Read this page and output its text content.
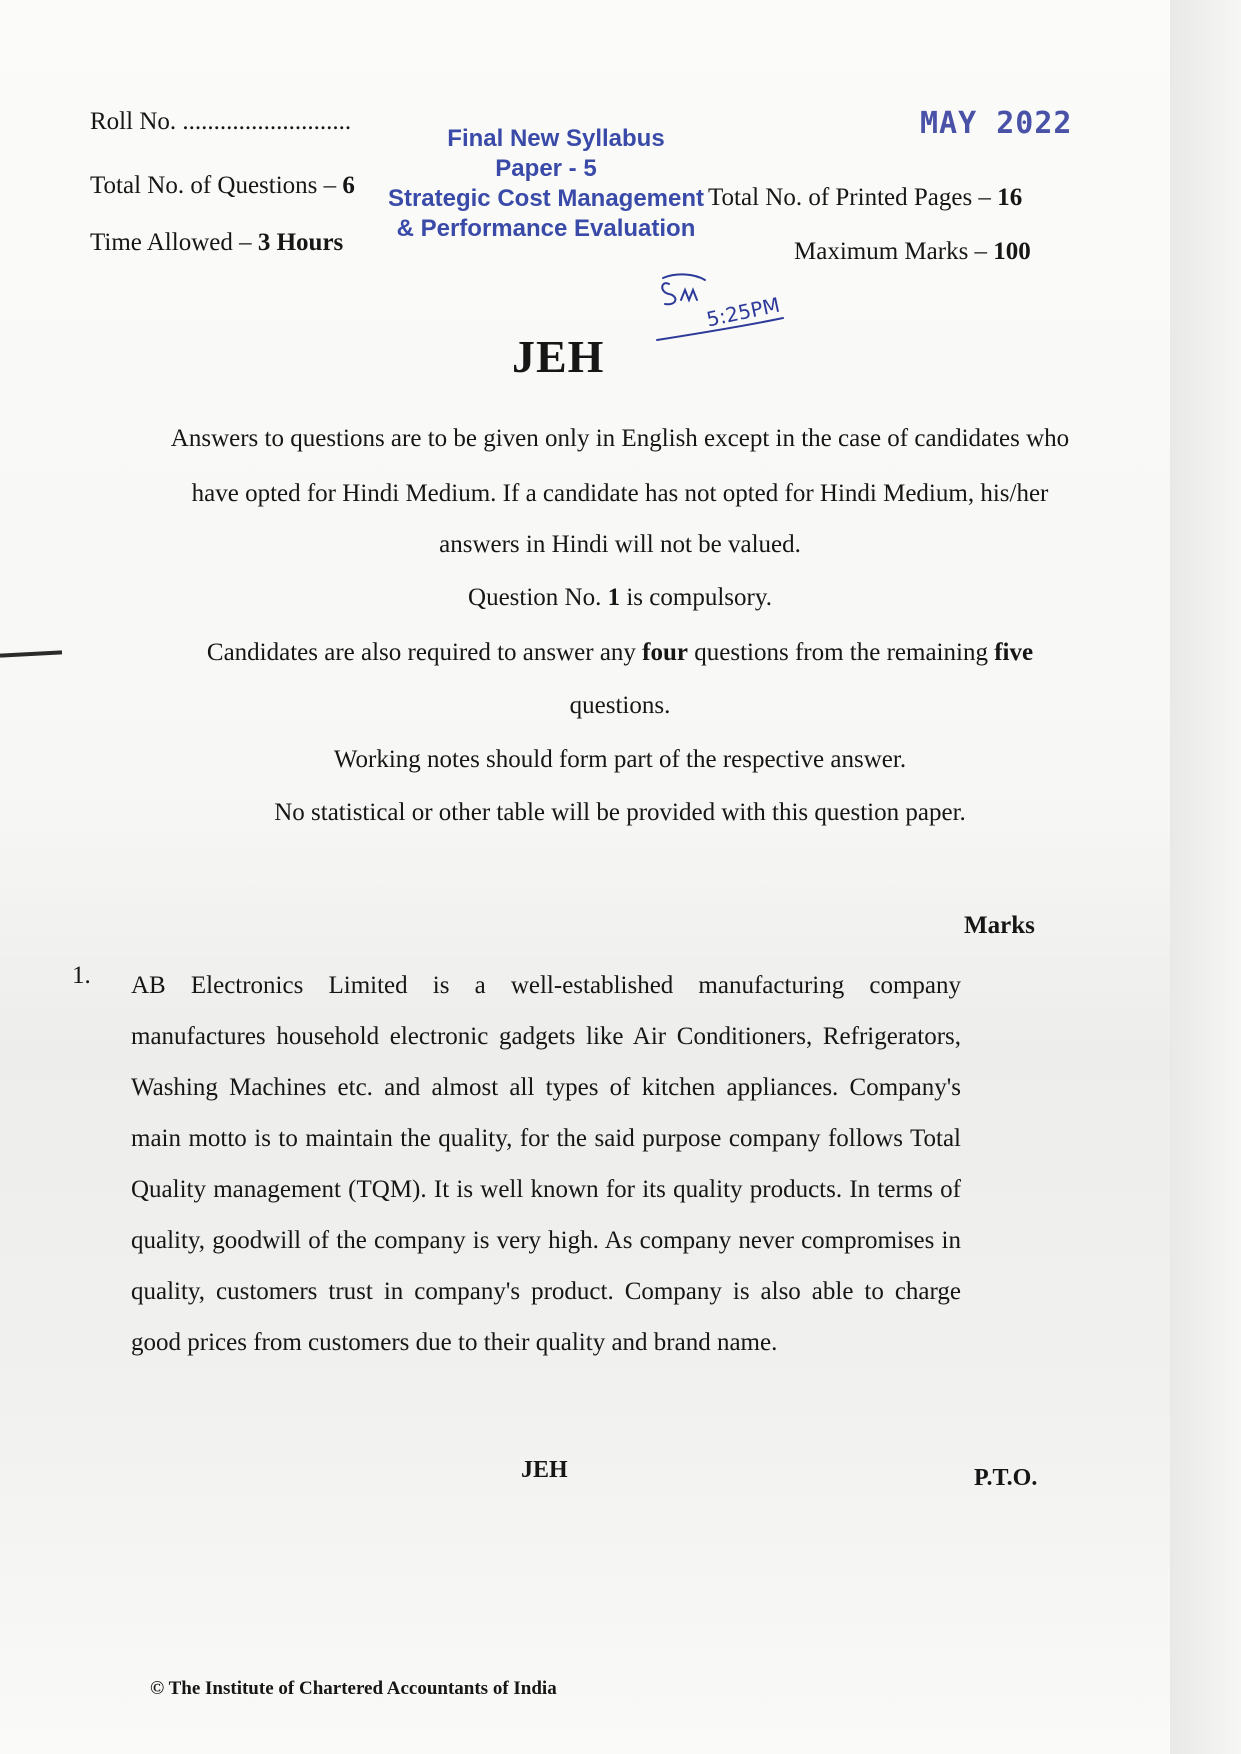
Roll No. ...........................
Total No. of Questions – 6
Time Allowed – 3 Hours
Total No. of Printed Pages – 16
Maximum Marks – 100
Final New Syllabus
Paper - 5
Strategic Cost Management
& Performance Evaluation
MAY 2022
5:25PM
JEH
Answers to questions are to be given only in English except in the case of candidates who
have opted for Hindi Medium. If a candidate has not opted for Hindi Medium, his/her
answers in Hindi will not be valued.
Question No. 1 is compulsory.
Candidates are also required to answer any four questions from the remaining five
questions.
Working notes should form part of the respective answer.
No statistical or other table will be provided with this question paper.
Marks
1. AB Electronics Limited is a well-established manufacturing company manufactures household electronic gadgets like Air Conditioners, Refrigerators, Washing Machines etc. and almost all types of kitchen appliances. Company's main motto is to maintain the quality, for the said purpose company follows Total Quality management (TQM). It is well known for its quality products. In terms of quality, goodwill of the company is very high. As company never compromises in quality, customers trust in company's product. Company is also able to charge good prices from customers due to their quality and brand name.
JEH	P.T.O.
© The Institute of Chartered Accountants of India
